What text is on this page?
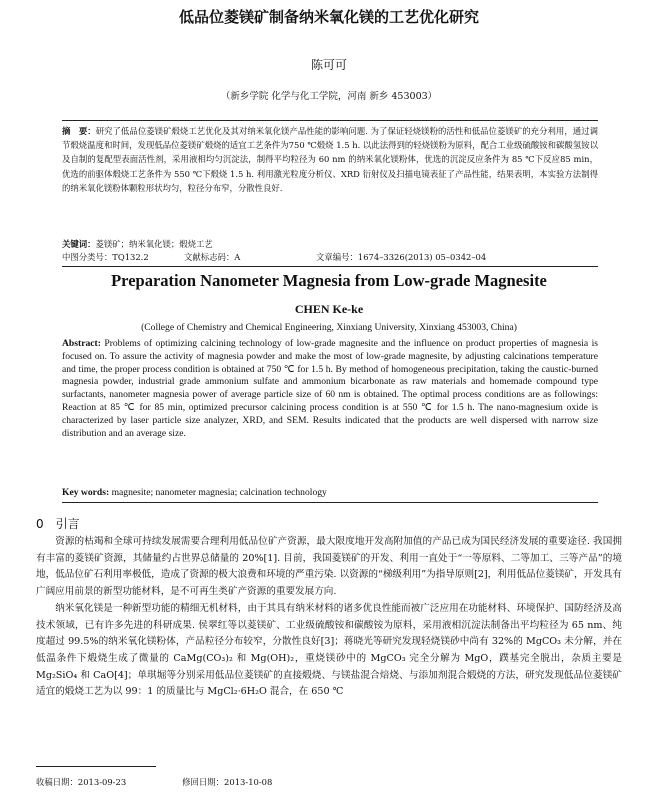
低品位菱镁矿制备纳米氧化镁的工艺优化研究
陈可可
（新乡学院 化学与化工学院，河南 新乡 453003）
摘　要：研究了低品位菱镁矿煅烧工艺优化及其对纳米氧化镁产品性能的影响问题. 为了保证轻烧镁粉的活性和低品位菱镁矿的充分利用，通过调节煅烧温度和时间，发现低品位菱镁矿煅烧的适宜工艺条件为750 ℃煅烧 1.5 h. 以此法得到的轻烧镁粉为原料，配合工业级硫酸铵和碳酸氢铵以及自制的复配型表面活性剂，采用液相均匀沉淀法，制得平均粒径为 60 nm 的纳米氧化镁粉体，优选的沉淀反应条件为 85 ℃下反应85 min，优选的前驱体煅烧工艺条件为 550 ℃下煅烧 1.5 h. 利用激光粒度分析仪、XRD 衍射仪及扫描电镜表征了产品性能，结果表明，本实验方法制得的纳米氧化镁粉体颗粒形状均匀，粒径分布窄，分散性良好.
关键词：菱镁矿；纳米氧化镁；煅烧工艺
中图分类号：TQ132.2	文献标志码：A	文章编号：1674–3326(2013) 05–0342–04
Preparation Nanometer Magnesia from Low-grade Magnesite
CHEN Ke-ke
(College of Chemistry and Chemical Engineering, Xinxiang University, Xinxiang 453003, China)
Abstract: Problems of optimizing calcining technology of low-grade magnesite and the influence on product properties of magnesia is focused on. To assure the activity of magnesia powder and make the most of low-grade magnesite, by adjusting calcinations temperature and time, the proper process condition is obtained at 750 ℃ for 1.5 h. By method of homogeneous precipitation, taking the caustic-burned magnesia powder, industrial grade ammonium sulfate and ammonium bicarbonate as raw materials and homemade compound type surfactants, nanometer magnesia power of average particle size of 60 nm is obtained. The optimal process conditions are as followings: Reaction at 85 ℃ for 85 min, optimized precursor calcining process condition is at 550 ℃ for 1.5 h. The nano-magnesium oxide is characterized by laser particle size analyzer, XRD, and SEM. Results indicated that the products are well dispersed with narrow size distribution and an average size.
Key words: magnesite; nanometer magnesia; calcination technology
0　引言

资源的枯竭和全球可持续发展需要合理利用低品位矿产资源，最大限度地开发高附加值的产品已成为国民经济发展的重要途径. 我国拥有丰富的菱镁矿资源，其储量约占世界总储量的 20%[1]. 目前，我国菱镁矿的开发、利用一直处于“一等原料、二等加工、三等产品”的境地，低品位矿石利用率极低，造成了资源的极大浪费和环境的严重污染. 以资源的“梯级利用”为指导原则[2]，利用低品位菱镁矿，开发具有广阔应用前景的新型功能材料，是不可再生类矿产资源的重要发展方向.

纳米氧化镁是一种新型功能的精细无机材料，由于其具有纳米材料的诸多优良性能而被广泛应用在功能材料、环境保护、国防经济及高技术领域，已有许多先进的科研成果. 侯翠红等以菱镁矿、工业级硫酸铵和碳酸铵为原料，采用液相沉淀法制备出平均粒径为 65 nm、纯度超过 99.5%的纳米氧化镁粉体，产品粒径分布较窄，分散性良好[3]；蒋晓光等研究发现轻烧镁砂中尚有 32%的 MgCO₃ 未分解，并在低温条件下煅烧生成了微量的 CaMg(CO₃)₂ 和 Mg(OH)₂，重烧镁砂中的 MgCO₃ 完全分解为 MgO，蹼基完全脱出，杂质主要是 Mg₂SiO₄ 和 CaO[4]；单琪堀等分别采用低品位菱镁矿的直接煅烧、与镁盐混合焙烧、与添加剂混合煅烧的方法，研究发现低品位菱镁矿适宜的煅烧工艺为以 99：1 的质量比与 MgCl₂·6H₂O 混合，在 650 ℃

收稿日期：2013-09-23	修回日期：2013-10-08
